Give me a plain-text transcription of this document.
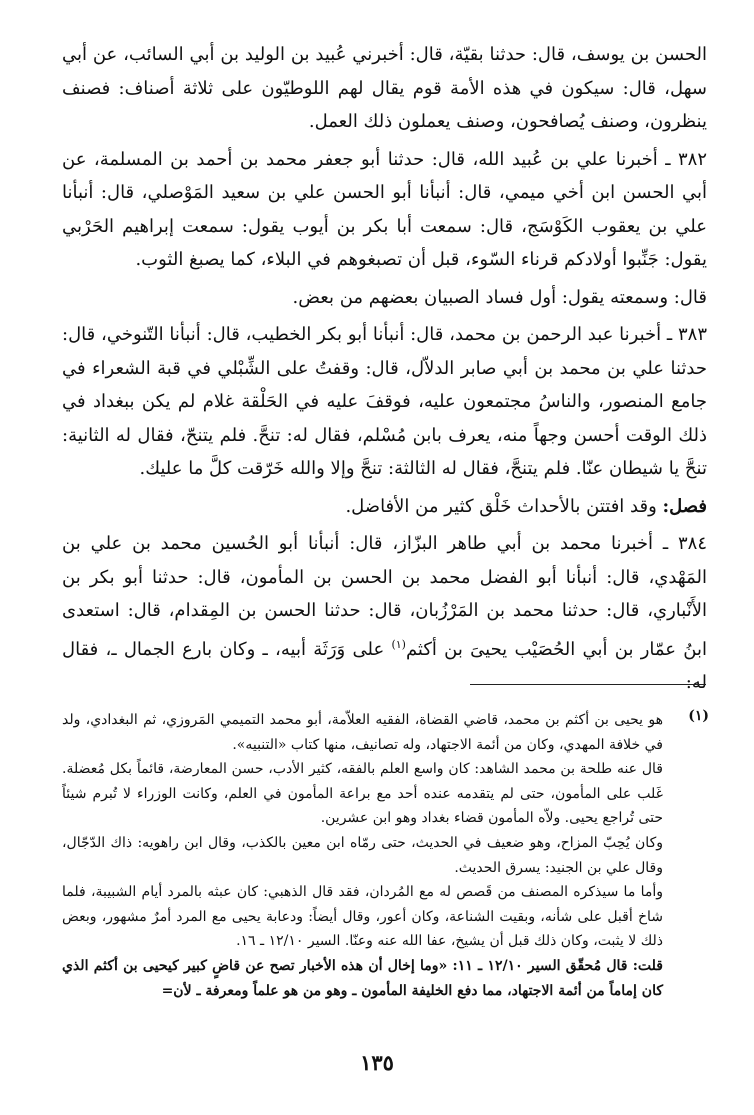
الحسن بن يوسف، قال: حدثنا بقيّة، قال: أخبرني عُبيد بن الوليد بن أبي السائب، عن أبي سهل، قال: سيكون في هذه الأمة قوم يقال لهم اللوطيّون على ثلاثة أصناف: فصنف ينظرون، وصنف يُصافحون، وصنف يعملون ذلك العمل.

٣٨٢ ـ أخبرنا علي بن عُبيد الله، قال: حدثنا أبو جعفر محمد بن أحمد بن المسلمة، عن أبي الحسن ابن أخي ميمي، قال: أنبأنا أبو الحسن علي بن سعيد المَوْصلي، قال: أنبأنا علي بن يعقوب الكَوْسَج، قال: سمعت أبا بكر بن أيوب يقول: سمعت إبراهيم الحَرْبي يقول: جَنِّبوا أولادكم قرناء السّوء، قبل أن تصبغوهم في البلاء، كما يصبغ الثوب.

قال: وسمعته يقول: أول فساد الصبيان بعضهم من بعض.

٣٨٣ ـ أخبرنا عبد الرحمن بن محمد، قال: أنبأنا أبو بكر الخطيب، قال: أنبأنا التّنوخي، قال: حدثنا علي بن محمد بن أبي صابر الدلاّل، قال: وقفتُ على الشِّبْلي في قبة الشعراء في جامع المنصور، والناسُ مجتمعون عليه، فوقفَ عليه في الحَلْقة غلام لم يكن ببغداد في ذلك الوقت أحسن وجهاً منه، يعرف بابن مُسْلم، فقال له: تنحَّ. فلم يتنحّ، فقال له الثانية: تنحَّ يا شيطان عنّا. فلم يتنحَّ، فقال له الثالثة: تنحَّ وإلا والله خَرّقت كلَّ ما عليك.

فصل: وقد افتتن بالأحداث خَلْق كثير من الأفاضل.

٣٨٤ ـ أخبرنا محمد بن أبي طاهر البزّاز، قال: أنبأنا أبو الحُسين محمد بن علي بن المَهْدي، قال: أنبأنا أبو الفضل محمد بن الحسن بن المأمون، قال: حدثنا أبو بكر بن الأَنْباري، قال: حدثنا محمد بن المَرْزُبان، قال: حدثنا الحسن بن المِقدام، قال: استعدى ابنُ عمّار بن أبي الحُصَيْب يحيىَ بن أكثم$^{(١)}$ على وَرَثَة أبيه، ـ وكان بارع الجمال ـ، فقال له:

(١)

هو يحيى بن أكثم بن محمد، قاضي القضاة، الفقيه العلاّمة، أبو محمد التميمي المَروزي، ثم البغدادي، ولد في خلافة المهدي، وكان من أئمة الاجتهاد، وله تصانيف، منها كتاب «التنبيه».

قال عنه طلحة بن محمد الشاهد: كان واسع العلم بالفقه، كثير الأدب، حسن المعارضة، قائماً بكل مُعضلة. غَلب على المأمون، حتى لم يتقدمه عنده أحد مع براعة المأمون في العلم، وكانت الوزراء لا تُبرم شيئاً حتى تُراجع يحيى. ولاّه المأمون قضاء بغداد وهو ابن عشرين.

وكان يُحِبّ المزاح، وهو ضعيف في الحديث، حتى رمّاه ابن معين بالكذب، وقال ابن راهويه: ذاك الدّجّال، وقال علي بن الجنيد: يسرق الحديث.

وأما ما سيذكره المصنف من قَصص له مع المُردان، فقد قال الذهبي: كان عبثه بالمرد أيام الشبيبة، فلما شاخ أقبل على شأنه، وبقيت الشناعة، وكان أعور، وقال أيضاً: ودعابة يحيى مع المرد أمرٌ مشهور، وبعض ذلك لا يثبت، وكان ذلك قبل أن يشيخ، عفا الله عنه وعنّا. السير ١٢/١٠ ـ ١٦.

قلت: قال مُحقّق السير ١٢/١٠ ـ ١١: «وما إخال أن هذه الأخبار تصح عن قاضٍ كبير كيحيى بن أكثم الذي كان إماماً من أئمة الاجتهاد، مما دفع الخليفة المأمون ـ وهو من هو علماً ومعرفة ـ لأن=

١٣٥
